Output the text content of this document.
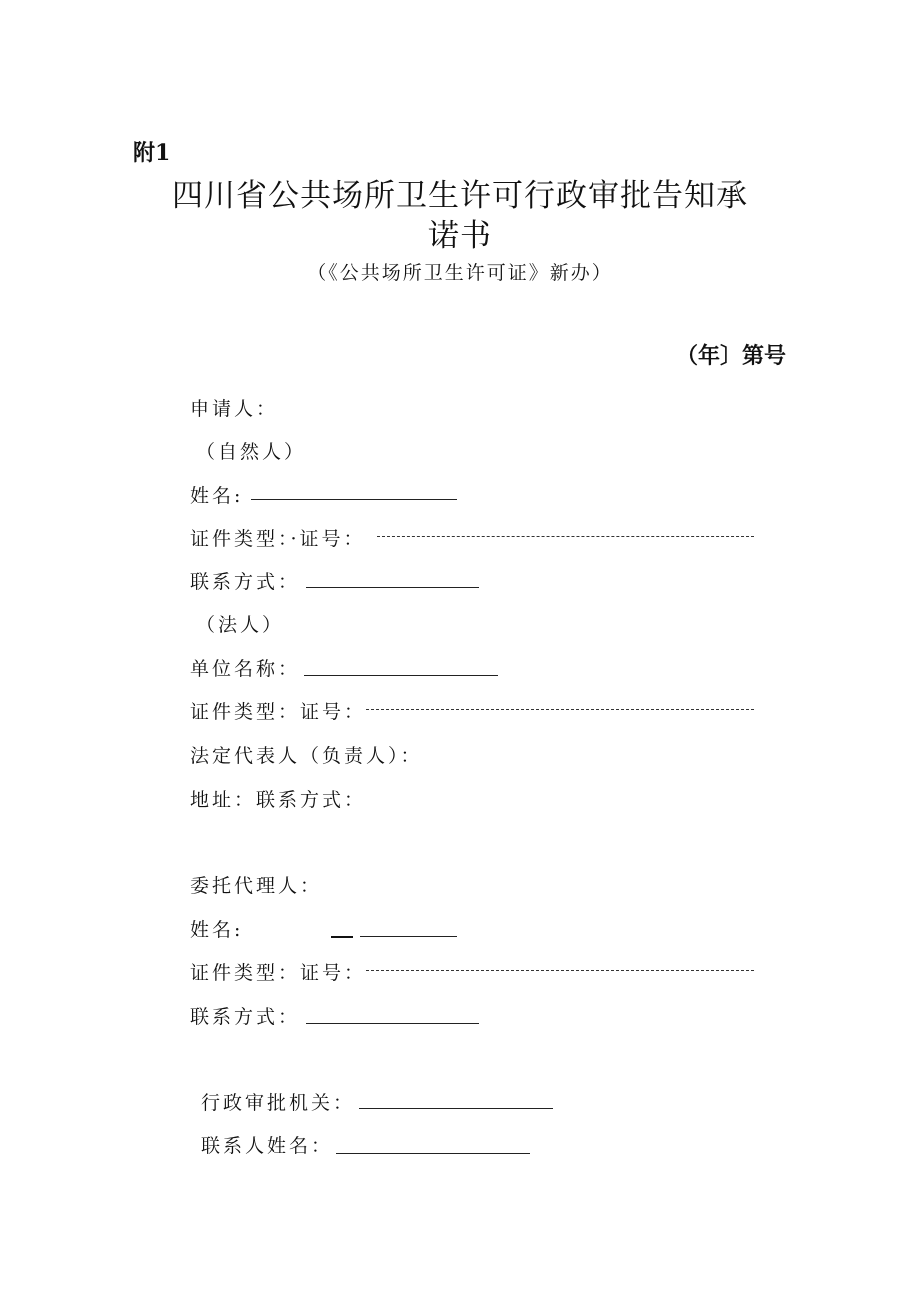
附1
四川省公共场所卫生许可行政审批告知承
诺书
（《公共场所卫生许可证》新办）
（年〕第号
申请人：
（自然人）
姓名:
证件类型：·证号：
联系方式：
（法人）
单位名称：
证件类型：证号：
法定代表人（负责人）：
地址：联系方式：
委托代理人：
姓名:
证件类型：证号：
联系方式：
行政审批机关：
联系人姓名：
